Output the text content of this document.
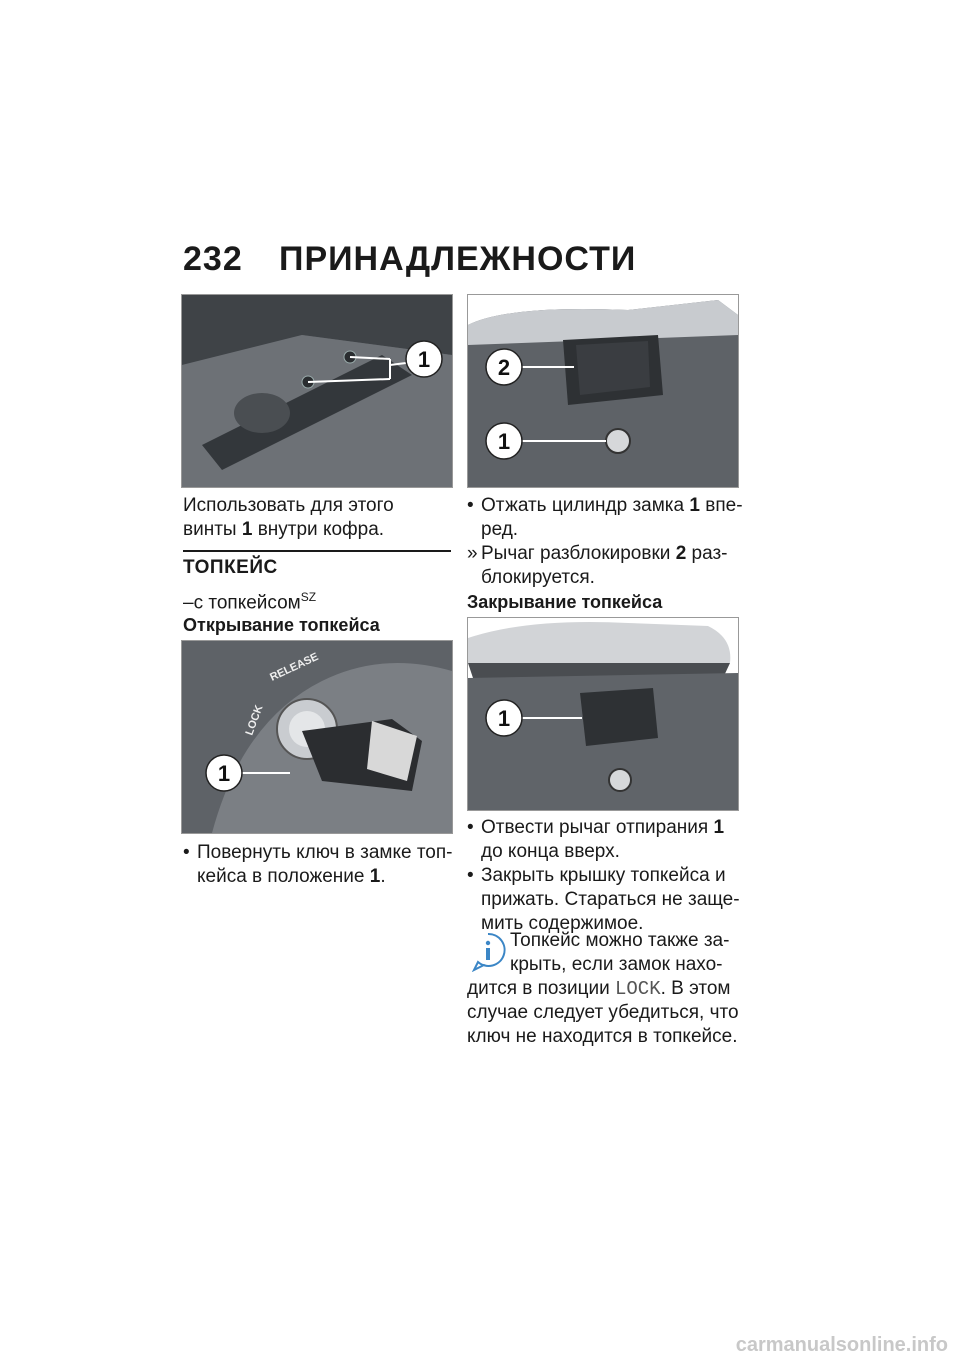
232 ПРИНАДЛЕЖНОСТИ
1
Использовать для этого
винты 1 внутри кофра.
ТОПКЕЙС
–с топкейсом$^{SZ}$
Открывание топкейса
LOCK
RELEASE
1
• Повернуть ключ в замке топ-
кейса в положение 1.
2
1
• Отжать цилиндр замка 1 впе-
ред.
» Рычаг разблокировки 2 раз-
блокируется.
Закрывание топкейса
1
• Отвести рычаг отпирания 1
до конца вверх.
• Закрыть крышку топкейса и
прижать. Стараться не заще-
мить содержимое.
Топкейс можно также за-
крыть, если замок нахо-
дится в позиции LOCK. В этом
случае следует убедиться, что
ключ не находится в топкейсе.
carmanualsonline.info
